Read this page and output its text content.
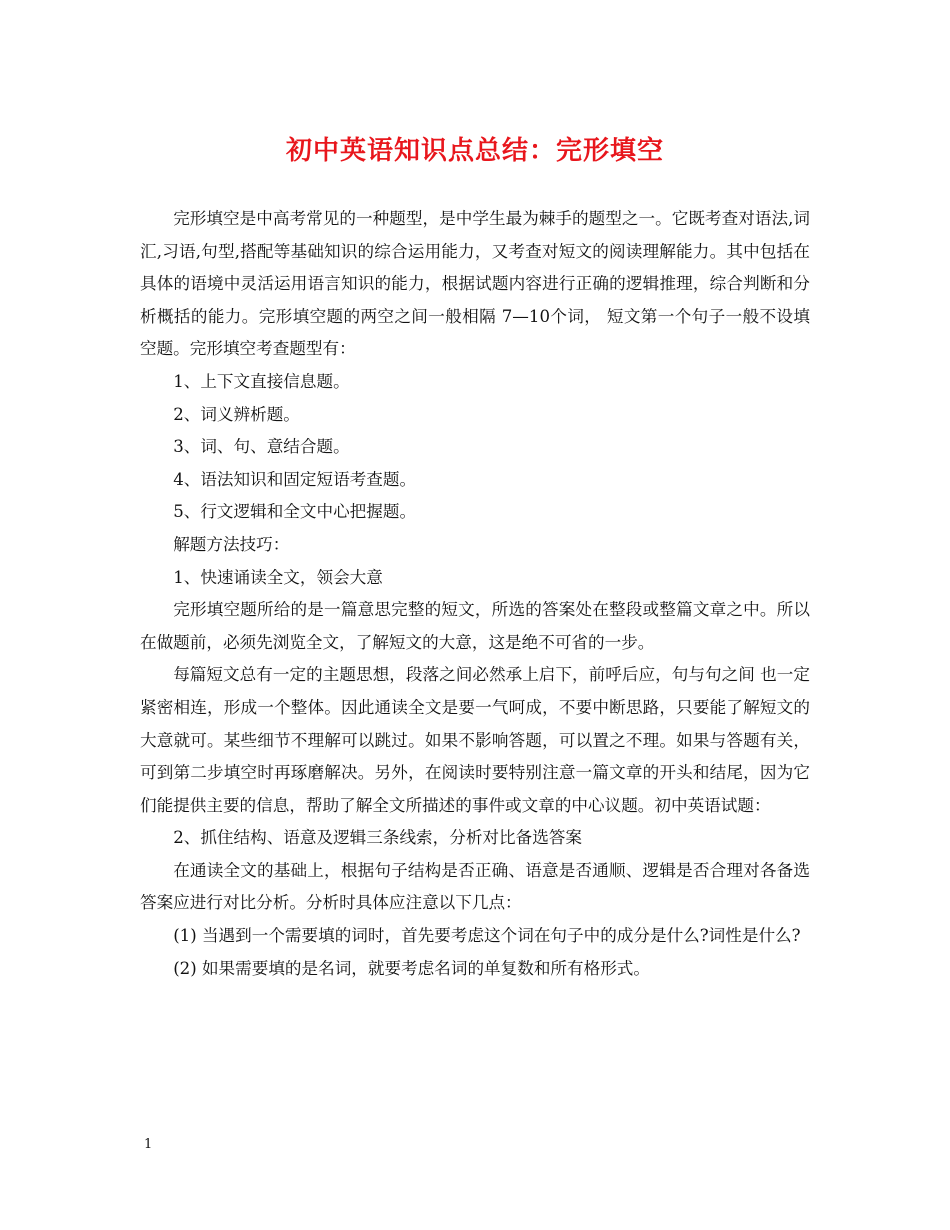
初中英语知识点总结：完形填空

完形填空是中高考常见的一种题型，是中学生最为棘手的题型之一。它既考查对语法,词汇,习语,句型,搭配等基础知识的综合运用能力，又考查对短文的阅读理解能力。其中包括在具体的语境中灵活运用语言知识的能力，根据试题内容进行正确的逻辑推理，综合判断和分析概括的能力。完形填空题的两空之间一般相隔 7—10个词， 短文第一个句子一般不设填空题。完形填空考查题型有：

1、上下文直接信息题。

2、词义辨析题。

3、词、句、意结合题。

4、语法知识和固定短语考查题。

5、行文逻辑和全文中心把握题。

解题方法技巧：

1、快速诵读全文，领会大意

完形填空题所给的是一篇意思完整的短文，所选的答案处在整段或整篇文章之中。所以在做题前，必须先浏览全文，了解短文的大意，这是绝不可省的一步。

每篇短文总有一定的主题思想，段落之间必然承上启下，前呼后应，句与句之间 也一定紧密相连，形成一个整体。因此通读全文是要一气呵成，不要中断思路，只要能了解短文的大意就可。某些细节不理解可以跳过。如果不影响答题，可以置之不理。如果与答题有关，可到第二步填空时再琢磨解决。另外，在阅读时要特别注意一篇文章的开头和结尾，因为它们能提供主要的信息，帮助了解全文所描述的事件或文章的中心议题。初中英语试题：

2、抓住结构、语意及逻辑三条线索，分析对比备选答案

在通读全文的基础上，根据句子结构是否正确、语意是否通顺、逻辑是否合理对各备选答案应进行对比分析。分析时具体应注意以下几点：

(1) 当遇到一个需要填的词时，首先要考虑这个词在句子中的成分是什么?词性是什么?

(2) 如果需要填的是名词，就要考虑名词的单复数和所有格形式。

1
